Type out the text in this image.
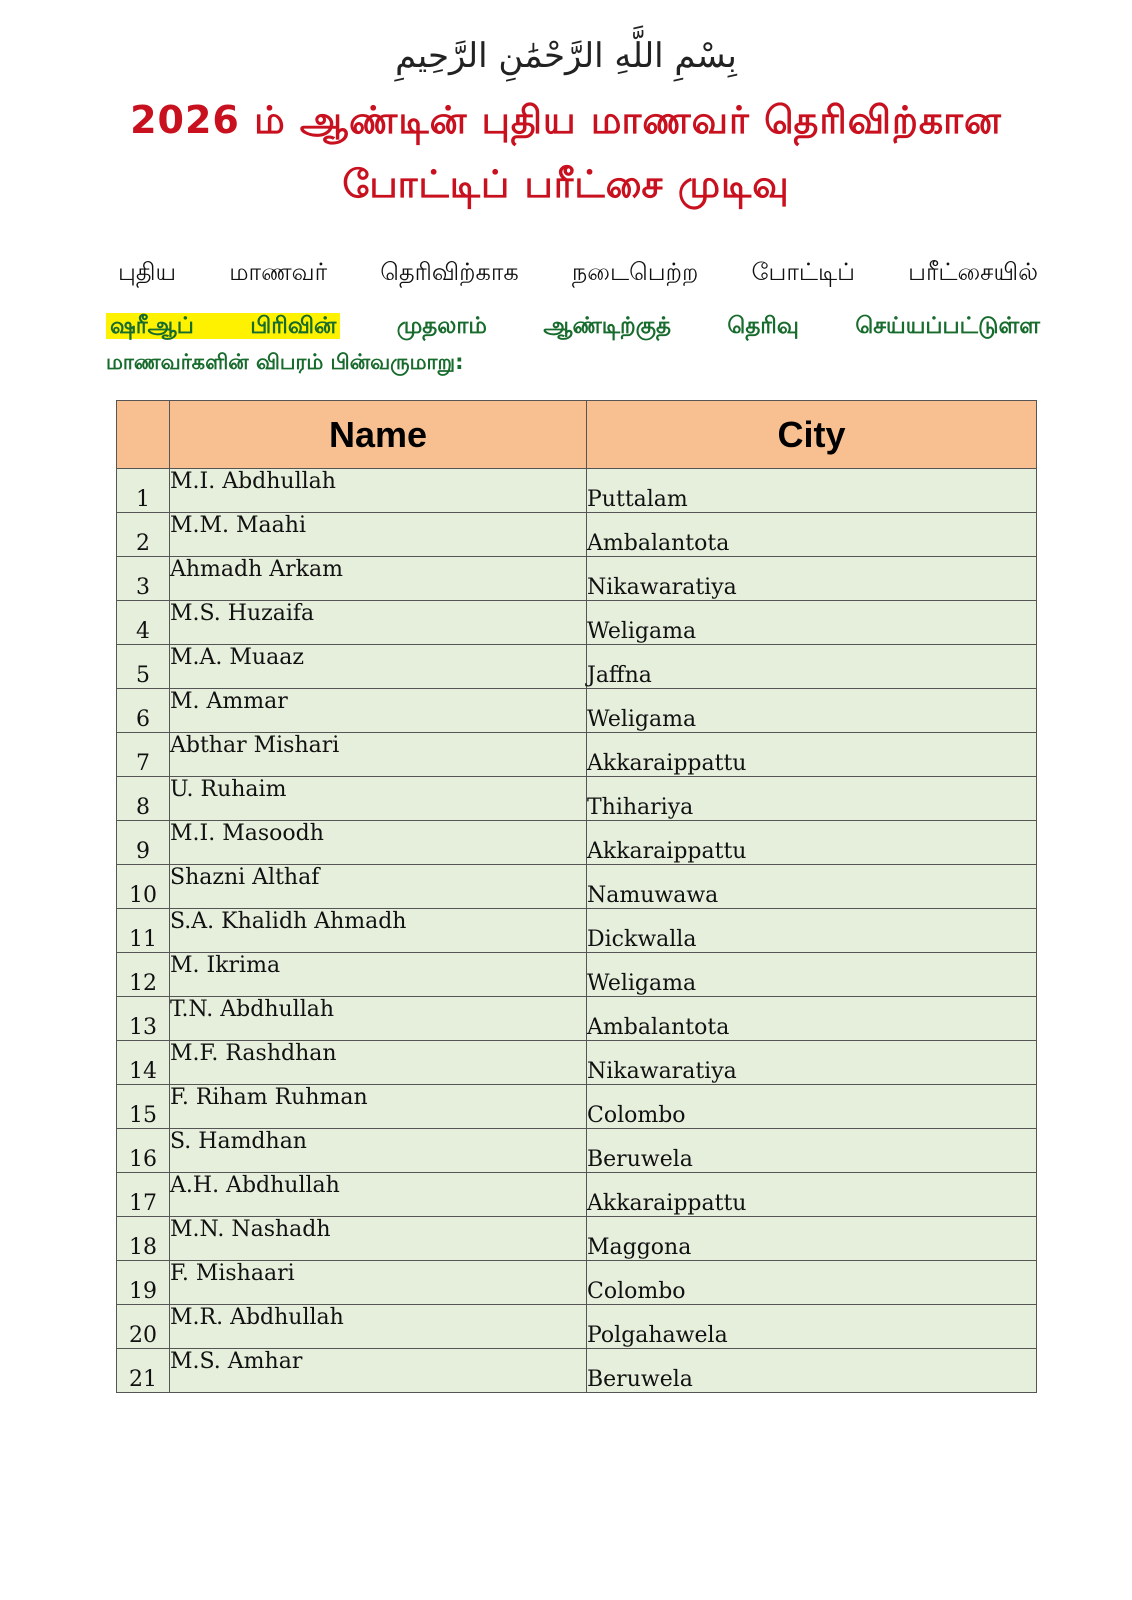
بِسْمِ اللَّهِ الرَّحْمَٰنِ الرَّحِيمِ
2026 ம் ஆண்டின் புதிய மாணவர் தெரிவிற்கான
போட்டிப் பரீட்சை முடிவு
புதிய மாணவர் தெரிவிற்காக நடைபெற்ற போட்டிப் பரீட்சையில்
ஷரீஆப் பிரிவின்	முதலாம் ஆண்டிற்குத் தெரிவு செய்யப்பட்டுள்ள
மாணவர்களின் விபரம் பின்வருமாறு:
	Name	City
1	M.I. Abdhullah	Puttalam
2	M.M. Maahi	Ambalantota
3	Ahmadh Arkam	Nikawaratiya
4	M.S. Huzaifa	Weligama
5	M.A. Muaaz	Jaffna
6	M. Ammar	Weligama
7	Abthar Mishari	Akkaraippattu
8	U. Ruhaim	Thihariya
9	M.I. Masoodh	Akkaraippattu
10	Shazni Althaf	Namuwawa
11	S.A. Khalidh Ahmadh	Dickwalla
12	M. Ikrima	Weligama
13	T.N. Abdhullah	Ambalantota
14	M.F. Rashdhan	Nikawaratiya
15	F. Riham Ruhman	Colombo
16	S. Hamdhan	Beruwela
17	A.H. Abdhullah	Akkaraippattu
18	M.N. Nashadh	Maggona
19	F. Mishaari	Colombo
20	M.R. Abdhullah	Polgahawela
21	M.S. Amhar	Beruwela
